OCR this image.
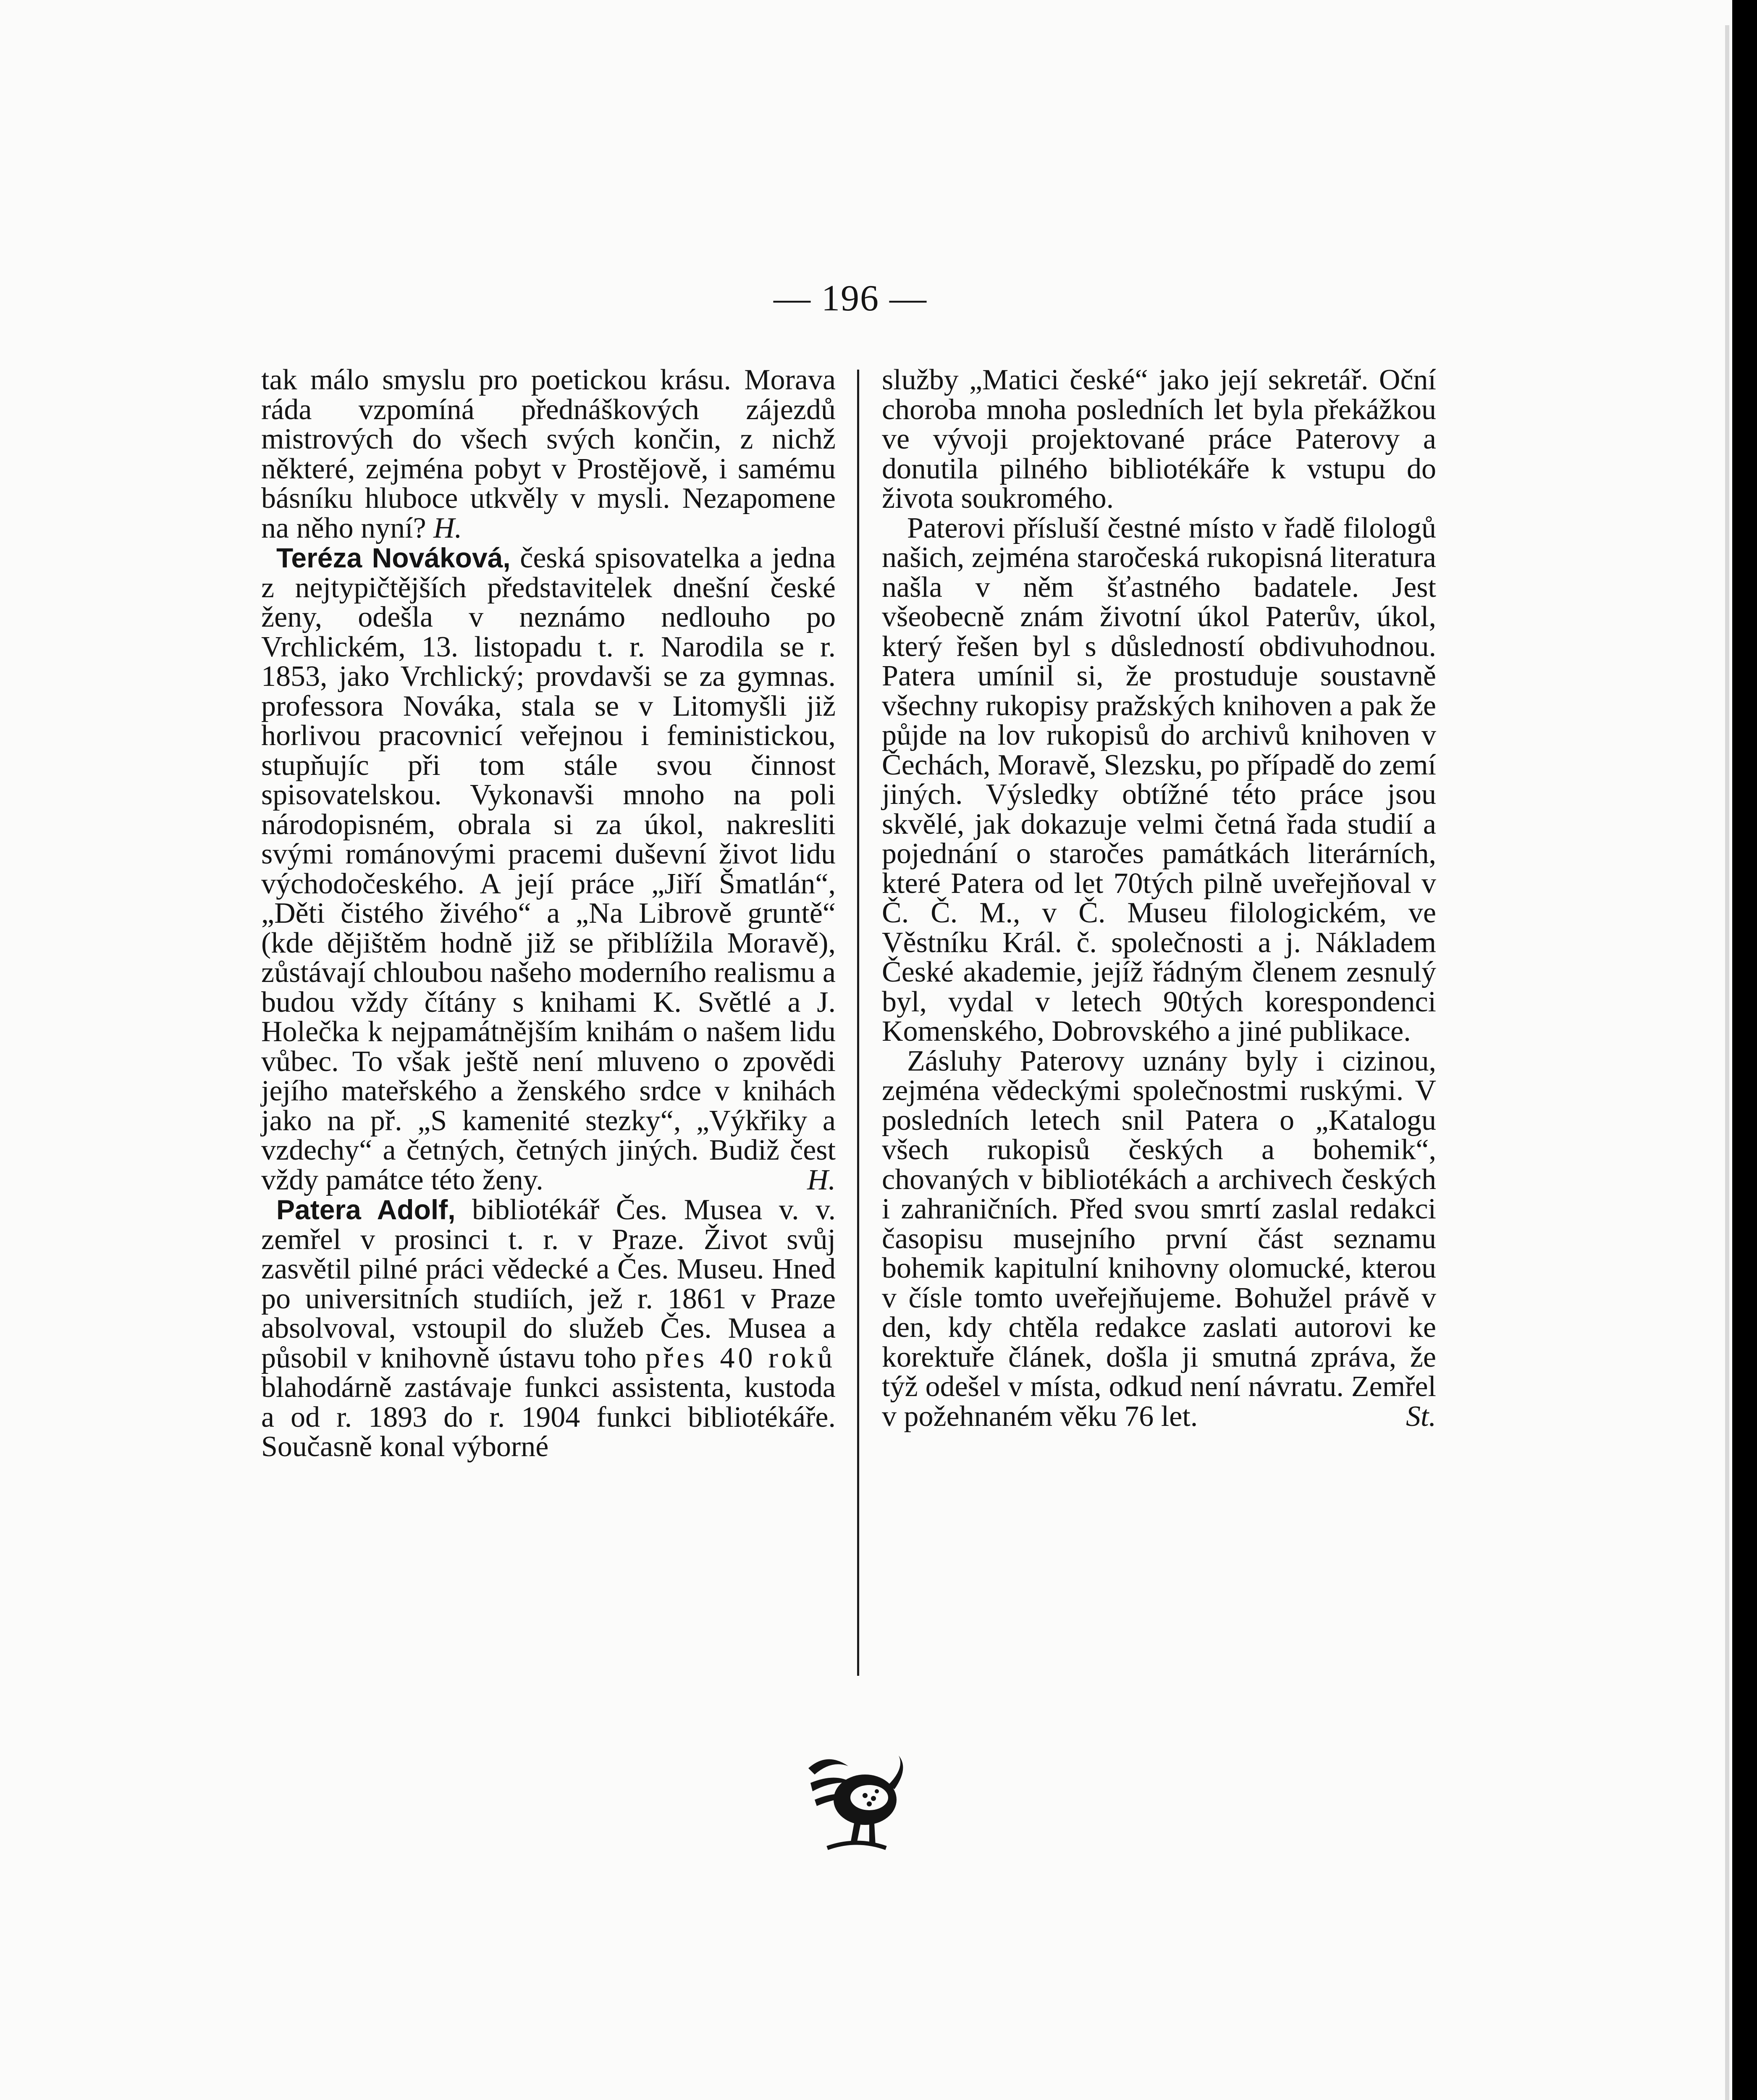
— 196 —

tak málo smyslu pro poetickou krásu. Morava ráda vzpomíná přednáškových zájezdů mistrových do všech svých končin, z nichž některé, zejména pobyt v Prostějově, i samému básníku hluboce utkvěly v mysli. Nezapomene na něho nyní? H.

Teréza Nováková, česká spisovatelka a jedna z nejtypičtějších představitelek dnešní české ženy, odešla v neznámo nedlouho po Vrchlickém, 13. listopadu t. r. Narodila se r. 1853, jako Vrchlický; provdavši se za gymnas. professora Nováka, stala se v Litomyšli již horlivou pracovnicí veřejnou i feministickou, stupňujíc při tom stále svou činnost spisovatelskou. Vykonavši mnoho na poli národopisném, obrala si za úkol, nakresliti svými románovými pracemi duševní život lidu východočeského. A její práce „Jiří Šmatlán“, „Děti čistého živého“ a „Na Librově gruntě“ (kde dějištěm hodně již se přiblížila Moravě), zůstávají chloubou našeho moderního realismu a budou vždy čítány s knihami K. Světlé a J. Holečka k nejpamátnějším knihám o našem lidu vůbec. To však ještě není mluveno o zpovědi jejího mateřského a ženského srdce v knihách jako na př. „S kamenité stezky“, „Výkřiky a vzdechy“ a četných, četných jiných. Budiž čest vždy památce této ženy.	H.

Patera Adolf, bibliotékář Čes. Musea v. v. zemřel v prosinci t. r. v Praze. Život svůj zasvětil pilné práci vědecké a Čes. Museu. Hned po universitních studiích, jež r. 1861 v Praze absolvoval, vstoupil do služeb Čes. Musea a působil v knihovně ústavu toho přes 40 roků blahodárně zastávaje funkci assistenta, kustoda a od r. 1893 do r. 1904 funkci bibliotékáře. Současně konal výborné

služby „Matici české“ jako její sekretář. Oční choroba mnoha posledních let byla překážkou ve vývoji projektované práce Paterovy a donutila pilného bibliotékáře k vstupu do života soukromého.

Paterovi přísluší čestné místo v řadě filologů našich, zejména staročeská rukopisná literatura našla v něm šťastného badatele. Jest všeobecně znám životní úkol Paterův, úkol, který řešen byl s důsledností obdivuhodnou. Patera umínil si, že prostuduje soustavně všechny rukopisy pražských knihoven a pak že půjde na lov rukopisů do archivů knihoven v Čechách, Moravě, Slezsku, po případě do zemí jiných. Výsledky obtížné této práce jsou skvělé, jak dokazuje velmi četná řada studií a pojednání o staročes památkách literárních, které Patera od let 70tých pilně uveřejňoval v Č. Č. M., v Č. Museu filologickém, ve Věstníku Král. č. společnosti a j. Nákladem České akademie, jejíž řádným členem zesnulý byl, vydal v letech 90tých korespondenci Komenského, Dobrovského a jiné publikace.

Zásluhy Paterovy uznány byly i cizinou, zejména vědeckými společnostmi ruskými. V posledních letech snil Patera o „Katalogu všech rukopisů českých a bohemik“, chovaných v bibliotékách a archivech českých i zahraničních. Před svou smrtí zaslal redakci časopisu musejního první část seznamu bohemik kapitulní knihovny olomucké, kterou v čísle tomto uveřejňujeme. Bohužel právě v den, kdy chtěla redakce zaslati autorovi ke korektuře článek, došla ji smutná zpráva, že týž odešel v místa, odkud není návratu. Zemřel v požehnaném věku 76 let.	St.
